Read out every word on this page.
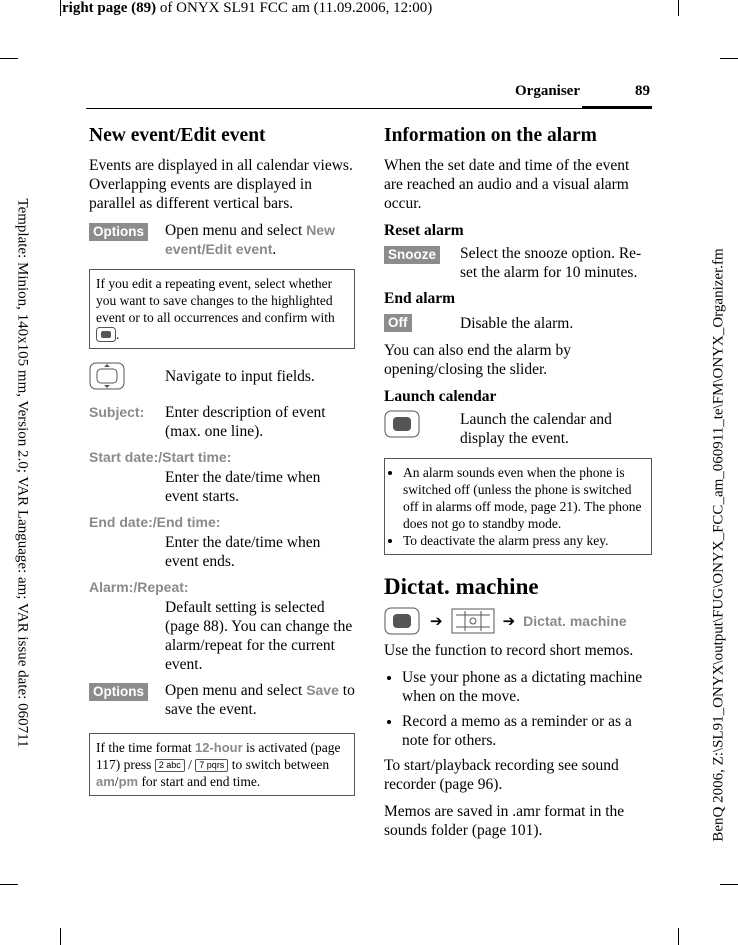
right page (89) of ONYX SL91 FCC am (11.09.2006, 12:00)
Template: Minion, 140x105 mm, Version 2.0; VAR Language: am; VAR issue date: 060711	BenQ 2006, Z:\SL91_ONYX\output\FUG\ONYX_FCC_am_060911_te\FM\ONYX_Organizer.fm
Organiser	89
New event/Edit event

Events are displayed in all calendar views. Overlapping events are displayed in parallel as different vertical bars.

Options	Open menu and select New event/Edit event.
If you edit a repeating event, select whether you want to save changes to the highlighted event or to all occurrences and confirm with .
Navigate to input fields.
Subject:	Enter description of event (max. one line).
Start date:/Start time:
Enter the date/time when event starts.
End date:/End time:
Enter the date/time when event ends.
Alarm:/Repeat:
Default setting is selected (page 88). You can change the alarm/repeat for the current event.
Options	Open menu and select Save to save the event.
If the time format 12-hour is activated (page 117) press 2 abc / 7 pqrs to switch between am/pm for start and end time.
Information on the alarm

When the set date and time of the event are reached an audio and a visual alarm occur.

Reset alarm
Snooze	Select the snooze option. Re-set the alarm for 10 minutes.
End alarm
Off	Disable the alarm.

You can also end the alarm by opening/closing the slider.

Launch calendar
Launch the calendar and display the event.
• An alarm sounds even when the phone is switched off (unless the phone is switched off in alarms off mode, page 21). The phone does not go to standby mode.
• To deactivate the alarm press any key.
Dictat. machine
➔	➔ Dictat. machine

Use the function to record short memos.

• Use your phone as a dictating machine when on the move.
• Record a memo as a reminder or as a note for others.

To start/playback recording see sound recorder (page 96).

Memos are saved in .amr format in the sounds folder (page 101).
